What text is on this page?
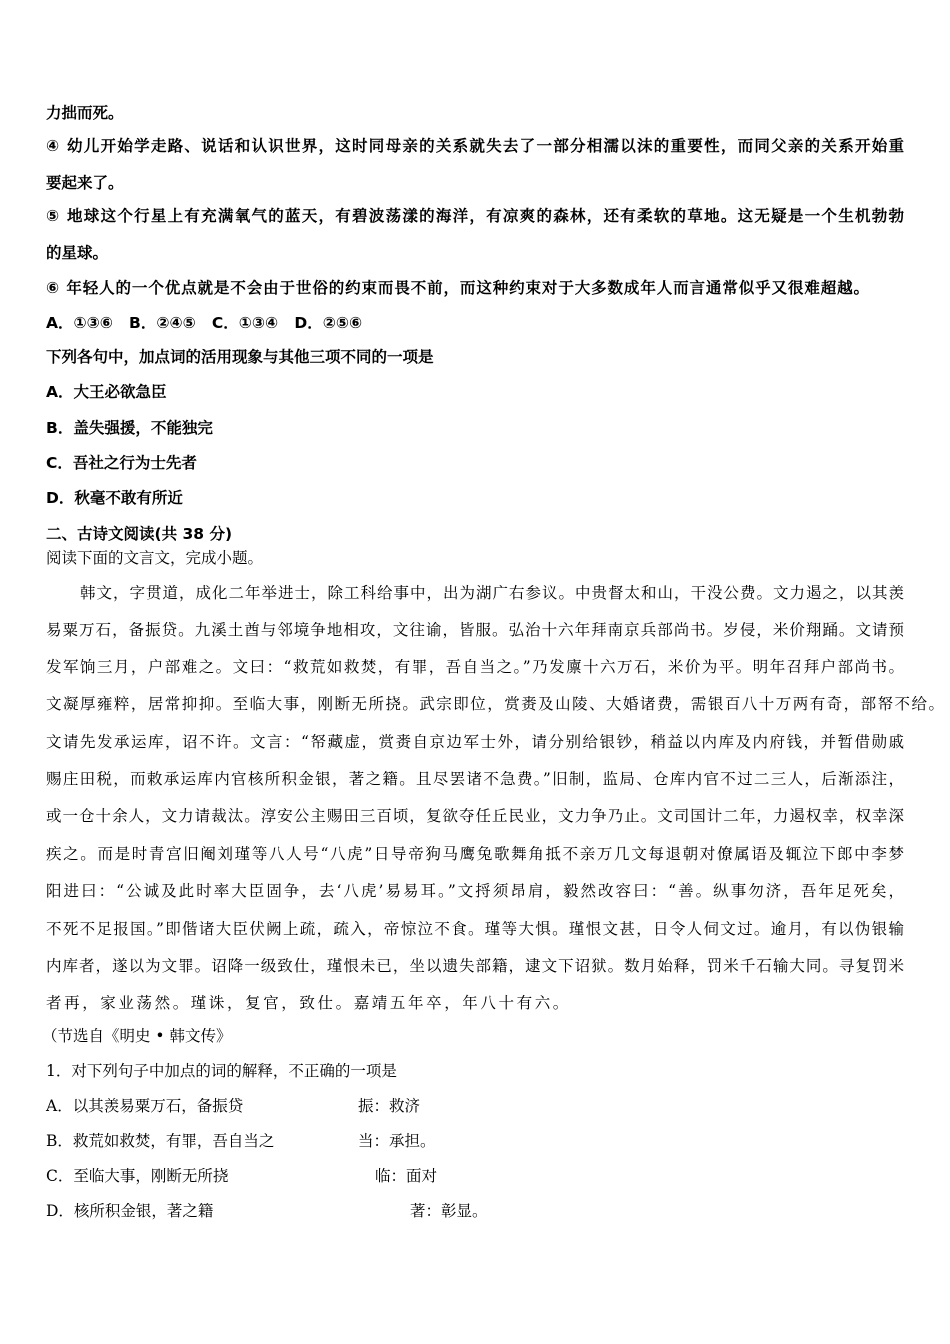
力拙而死。
④ 幼儿开始学走路、说话和认识世界，这时同母亲的关系就失去了一部分相濡以沫的重要性，而同父亲的关系开始重
要起来了。
⑤ 地球这个行星上有充满氧气的蓝天，有碧波荡漾的海洋，有凉爽的森林，还有柔软的草地。这无疑是一个生机勃勃
的星球。
⑥ 年轻人的一个优点就是不会由于世俗的约束而畏不前，而这种约束对于大多数成年人而言通常似乎又很难超越。
A．①③⑥   B．②④⑤   C．①③④   D．②⑤⑥
下列各句中，加点词的活用现象与其他三项不同的一项是
A．大王必欲急臣
B．盖失强援，不能独完
C．吾社之行为士先者
D．秋毫不敢有所近
二、古诗文阅读(共 38 分)
阅读下面的文言文，完成小题。
韩文，字贯道，成化二年举进士，除工科给事中，出为湖广右参议。中贵督太和山，干没公费。文力遏之，以其羡
易粟万石，备振贷。九溪土酋与邻境争地相攻，文往谕，皆服。弘治十六年拜南京兵部尚书。岁侵，米价翔踊。文请预
发军饷三月，户部难之。文曰：“救荒如救焚，有罪，吾自当之。”乃发廪十六万石，米价为平。明年召拜户部尚书。
文凝厚雍粹，居常抑抑。至临大事，刚断无所挠。武宗即位，赏赉及山陵、大婚诸费，需银百八十万两有奇，部帑不给。
文请先发承运库，诏不许。文言：“帑藏虚，赏赉自京边军士外，请分别给银钞，稍益以内库及内府钱，并暂借勋戚
赐庄田税，而敕承运库内官核所积金银，著之籍。且尽罢诸不急费。”旧制，监局、仓库内官不过二三人，后渐添注，
或一仓十余人，文力请裁汰。淳安公主赐田三百顷，复欲夺任丘民业，文力争乃止。文司国计二年，力遏权幸，权幸深
疾之。而是时青宫旧阉刘瑾等八人号“八虎”日导帝狗马鹰兔歌舞角抵不亲万几文每退朝对僚属语及辄泣下郎中李梦
阳进曰：“公诚及此时率大臣固争，去‘八虎’易易耳。”文捋须昂肩，毅然改容曰：“善。纵事勿济，吾年足死矣，
不死不足报国。”即偕诸大臣伏阙上疏，疏入，帝惊泣不食。瑾等大惧。瑾恨文甚，日令人伺文过。逾月，有以伪银输
内库者，遂以为文罪。诏降一级致仕，瑾恨未已，坐以遗失部籍，逮文下诏狱。数月始释，罚米千石输大同。寻复罚米
者再，家业荡然。瑾诛，复官，致仕。嘉靖五年卒，年八十有六。
（节选自《明史 • 韩文传》
1．对下列句子中加点的词的解释，不正确的一项是
A．以其羡易粟万石，备振贷	振：救济
B．救荒如救焚，有罪，吾自当之	当：承担。
C．至临大事，刚断无所挠	临：面对
D．核所积金银，著之籍	著：彰显。
